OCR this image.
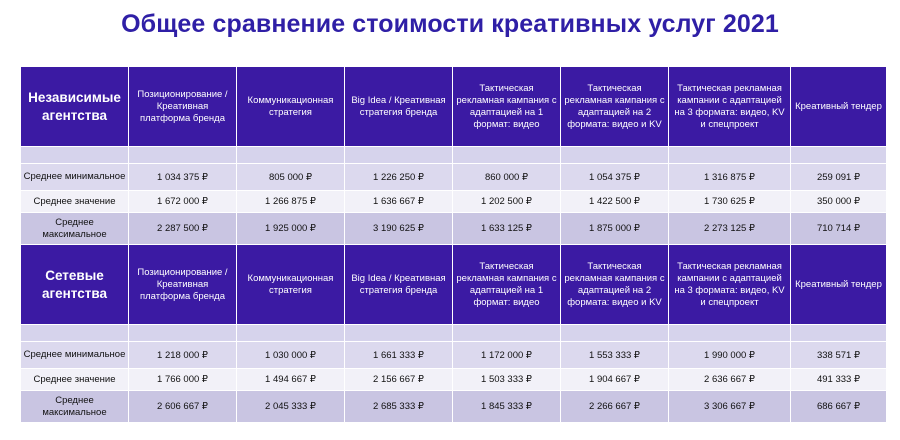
Общее сравнение стоимости креативных услуг 2021
Независимые агентства	Позиционирование / Креативная платформа бренда	Коммуникационная стратегия	Big Idea / Креативная стратегия бренда	Тактическая рекламная кампания с адаптацией на 1 формат: видео	Тактическая рекламная кампания с адаптацией на 2 формата: видео и KV	Тактическая рекламная кампании с адаптацией на 3 формата: видео, KV и спецпроект	Креативный тендер

Среднее минимальное	1 034 375 ₽	805 000 ₽	1 226 250 ₽	860 000 ₽	1 054 375 ₽	1 316 875 ₽	259 091 ₽
Среднее значение	1 672 000 ₽	1 266 875 ₽	1 636 667 ₽	1 202 500 ₽	1 422 500 ₽	1 730 625 ₽	350 000 ₽
Среднее максимальное	2 287 500 ₽	1 925 000 ₽	3 190 625 ₽	1 633 125 ₽	1 875 000 ₽	2 273 125 ₽	710 714 ₽
Сетевые агентства	Позиционирование / Креативная платформа бренда	Коммуникационная стратегия	Big Idea / Креативная стратегия бренда	Тактическая рекламная кампания с адаптацией на 1 формат: видео	Тактическая рекламная кампания с адаптацией на 2 формата: видео и KV	Тактическая рекламная кампании с адаптацией на 3 формата: видео, KV и спецпроект	Креативный тендер

Среднее минимальное	1 218 000 ₽	1 030 000 ₽	1 661 333 ₽	1 172 000 ₽	1 553 333 ₽	1 990 000 ₽	338 571 ₽
Среднее значение	1 766 000 ₽	1 494 667 ₽	2 156 667 ₽	1 503 333 ₽	1 904 667 ₽	2 636 667 ₽	491 333 ₽
Среднее максимальное	2 606 667 ₽	2 045 333 ₽	2 685 333 ₽	1 845 333 ₽	2 266 667 ₽	3 306 667 ₽	686 667 ₽
